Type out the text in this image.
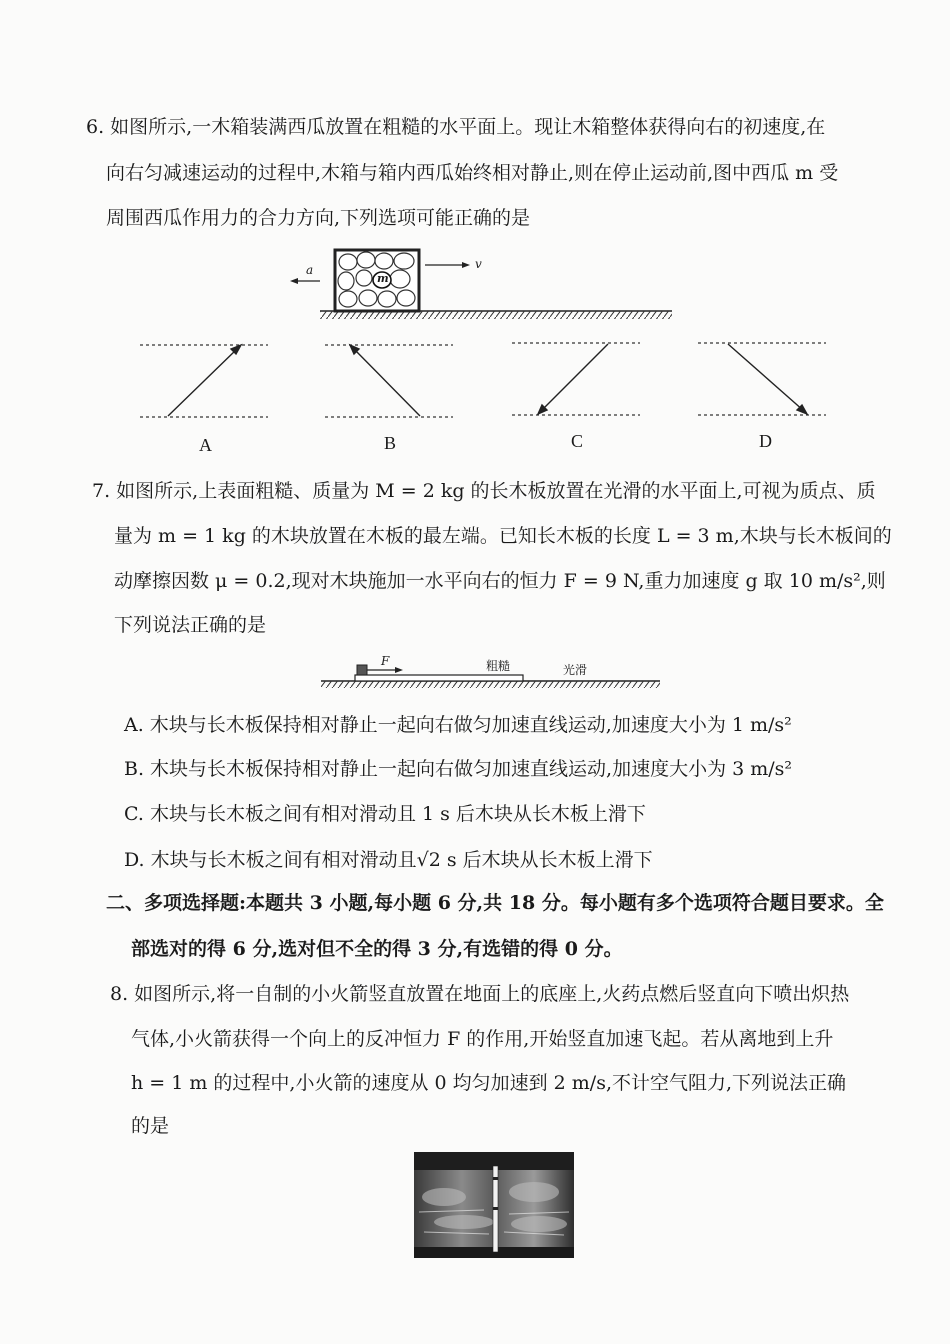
6. 如图所示,一木箱装满西瓜放置在粗糙的水平面上。现让木箱整体获得向右的初速度,在
向右匀减速运动的过程中,木箱与箱内西瓜始终相对静止,则在停止运动前,图中西瓜 m 受
周围西瓜作用力的合力方向,下列选项可能正确的是
a	v
m
A	B	C	D
7. 如图所示,上表面粗糙、质量为 M = 2 kg 的长木板放置在光滑的水平面上,可视为质点、质
量为 m = 1 kg 的木块放置在木板的最左端。已知长木板的长度 L = 3 m,木块与长木板间的
动摩擦因数 μ = 0.2,现对木块施加一水平向右的恒力 F = 9 N,重力加速度 g 取 10 m/s²,则
下列说法正确的是
F	粗糙	光滑
A. 木块与长木板保持相对静止一起向右做匀加速直线运动,加速度大小为 1 m/s²
B. 木块与长木板保持相对静止一起向右做匀加速直线运动,加速度大小为 3 m/s²
C. 木块与长木板之间有相对滑动且 1 s 后木块从长木板上滑下
D. 木块与长木板之间有相对滑动且√2 s 后木块从长木板上滑下
二、多项选择题:本题共 3 小题,每小题 6 分,共 18 分。每小题有多个选项符合题目要求。全
部选对的得 6 分,选对但不全的得 3 分,有选错的得 0 分。
8. 如图所示,将一自制的小火箭竖直放置在地面上的底座上,火药点燃后竖直向下喷出炽热
气体,小火箭获得一个向上的反冲恒力 F 的作用,开始竖直加速飞起。若从离地到上升
h = 1 m 的过程中,小火箭的速度从 0 均匀加速到 2 m/s,不计空气阻力,下列说法正确
的是
